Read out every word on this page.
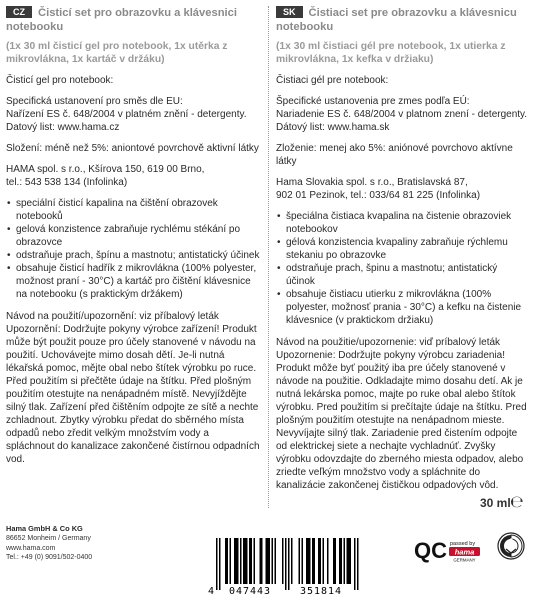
CZ Čisticí set pro obrazovku a klávesnici
notebooku
(1x 30 ml čisticí gel pro notebook, 1x utěrka z
mikrovlákna, 1x kartáč v držáku)
Čisticí gel pro notebook:
Specifická ustanovení pro směs dle EU:
Nařízení ES č. 648/2004 v platném znění - detergenty.
Datový list: www.hama.cz
Složení: méně než 5%: aniontové povrchově aktivní látky
HAMA spol. s r.o., Kšírova 150, 619 00 Brno,
tel.: 543 538 134 (Infolinka)
• speciální čisticí kapalina na čištění obrazovek notebooků
• gelová konzistence zabraňuje rychlému stékání po obrazovce
• odstraňuje prach, špínu a mastnotu; antistatický účinek
• obsahuje čisticí hadřík z mikrovlákna (100% polyester, možnost praní - 30°C) a kartáč pro čištění klávesnice na notebooku (s praktickým držákem)
Návod na použití/upozornění: viz příbalový leták Upozornění: Dodržujte pokyny výrobce zařízení! Produkt může být použit pouze pro účely stanovené v návodu na použití. Uchovávejte mimo dosah dětí. Je-li nutná lékařská pomoc, mějte obal nebo štítek výrobku po ruce. Před použitím si přečtěte údaje na štítku. Před plošným použitím otestujte na nenápadném místě. Nevyjíždějte silný tlak. Zařízení před čištěním odpojte ze sítě a nechte zchladnout. Zbytky výrobku předat do sběrného místa odpadů nebo zředit velkým množstvím vody a spláchnout do kanalizace zakončené čistírnou odpadních vod.
SK Čistiaci set pre obrazovku a klávesnicu
notebooku
(1x 30 ml čistiaci gél pre notebook, 1x utierka z
mikrovlákna, 1x kefka v držiaku)
Čistiaci gél pre notebook:
Špecifické ustanovenia pre zmes podľa EÚ:
Nariadenie ES č. 648/2004 v platnom znení - detergenty.
Dátový list: www.hama.sk
Zloženie: menej ako 5%: aniónové povrchovo aktívne látky
Hama Slovakia spol. s r.o., Bratislavská 87,
902 01 Pezinok, tel.: 033/64 81 225 (Infolinka)
• špeciálna čistiaca kvapalina na čistenie obrazoviek notebookov
• gélová konzistencia kvapaliny zabraňuje rýchlemu stekaniu po obrazovke
• odstraňuje prach, špinu a mastnotu; antistatický účinok
• obsahuje čistiacu utierku z mikrovlákna (100% polyester, možnosť prania - 30°C) a kefku na čistenie klávesnice (v praktickom držiaku)
Návod na použitie/upozornenie: viď príbalový leták Upozornenie: Dodržujte pokyny výrobcu zariadenia! Produkt môže byť použitý iba pre účely stanovené v návode na použitie. Odkladajte mimo dosahu detí. Ak je nutná lekárska pomoc, majte po ruke obal alebo štítok výrobku. Pred použitím si prečítajte údaje na štítku. Pred plošným použitím otestujte na nenápadnom mieste. Nevyvíjajte silný tlak. Zariadenie pred čistením odpojte od elektrickej siete a nechajte vychladnúť. Zvyšky výrobku odovzdajte do zberného miesta odpadov, alebo zriedte veľkým množstvo vody a spláchnite do kanalizácie zakončenej čističkou odpadových vôd.
30 ml ℮
Hama GmbH & Co KG
86652 Monheim / Germany
www.hama.com
Tel.: +49 (0) 9091/502-0400
4 047443	351814
QC passed by
hama
GERMANY
